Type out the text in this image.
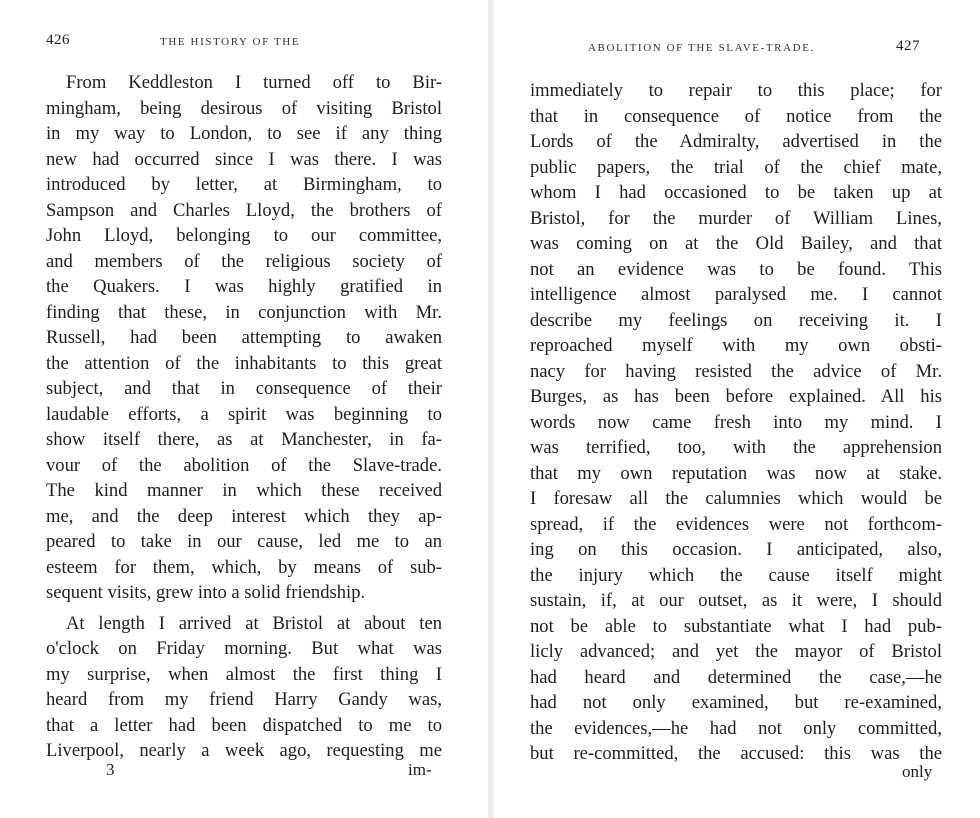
426	THE HISTORY OF THE
From Keddleston I turned off to Bir-
mingham, being desirous of visiting Bristol
in my way to London, to see if any thing
new had occurred since I was there. I was
introduced by letter, at Birmingham, to
Sampson and Charles Lloyd, the brothers of
John Lloyd, belonging to our committee,
and members of the religious society of
the Quakers. I was highly gratified in
finding that these, in conjunction with Mr.
Russell, had been attempting to awaken
the attention of the inhabitants to this great
subject, and that in consequence of their
laudable efforts, a spirit was beginning to
show itself there, as at Manchester, in fa-
vour of the abolition of the Slave-trade.
The kind manner in which these received
me, and the deep interest which they ap-
peared to take in our cause, led me to an
esteem for them, which, by means of sub-
sequent visits, grew into a solid friendship.
At length I arrived at Bristol at about ten
o'clock on Friday morning. But what was
my surprise, when almost the first thing I
heard from my friend Harry Gandy was,
that a letter had been dispatched to me to
Liverpool, nearly a week ago, requesting me
3	im-
ABOLITION OF THE SLAVE-TRADE.	427
immediately to repair to this place; for
that in consequence of notice from the
Lords of the Admiralty, advertised in the
public papers, the trial of the chief mate,
whom I had occasioned to be taken up at
Bristol, for the murder of William Lines,
was coming on at the Old Bailey, and that
not an evidence was to be found. This
intelligence almost paralysed me. I cannot
describe my feelings on receiving it. I
reproached myself with my own obsti-
nacy for having resisted the advice of Mr.
Burges, as has been before explained. All his
words now came fresh into my mind. I
was terrified, too, with the apprehension
that my own reputation was now at stake.
I foresaw all the calumnies which would be
spread, if the evidences were not forthcom-
ing on this occasion. I anticipated, also,
the injury which the cause itself might
sustain, if, at our outset, as it were, I should
not be able to substantiate what I had pub-
licly advanced; and yet the mayor of Bristol
had heard and determined the case,—he
had not only examined, but re-examined,
the evidences,—he had not only committed,
but re-committed, the accused: this was the
only
